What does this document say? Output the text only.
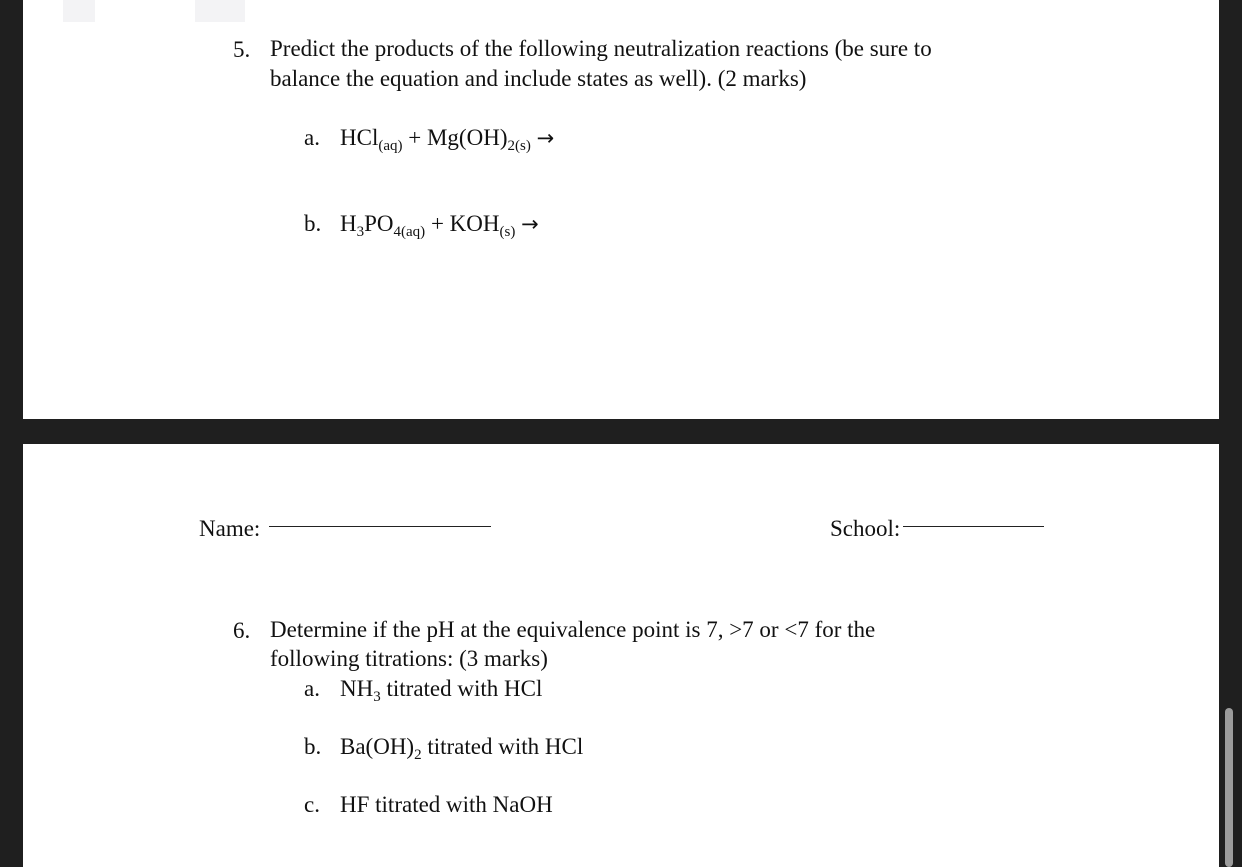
5. Predict the products of the following neutralization reactions (be sure to
balance the equation and include states as well). (2 marks)
a. $HCl_{(aq)} + Mg(OH)_{2(s)}$ →
b. $H_3PO_{4(aq)} + KOH_{(s)}$ →
Name:	School:
6. Determine if the pH at the equivalence point is 7, >7 or <7 for the
following titrations: (3 marks)
a. $NH_3$ titrated with HCl
b. $Ba(OH)_2$ titrated with HCl
c. HF titrated with NaOH
